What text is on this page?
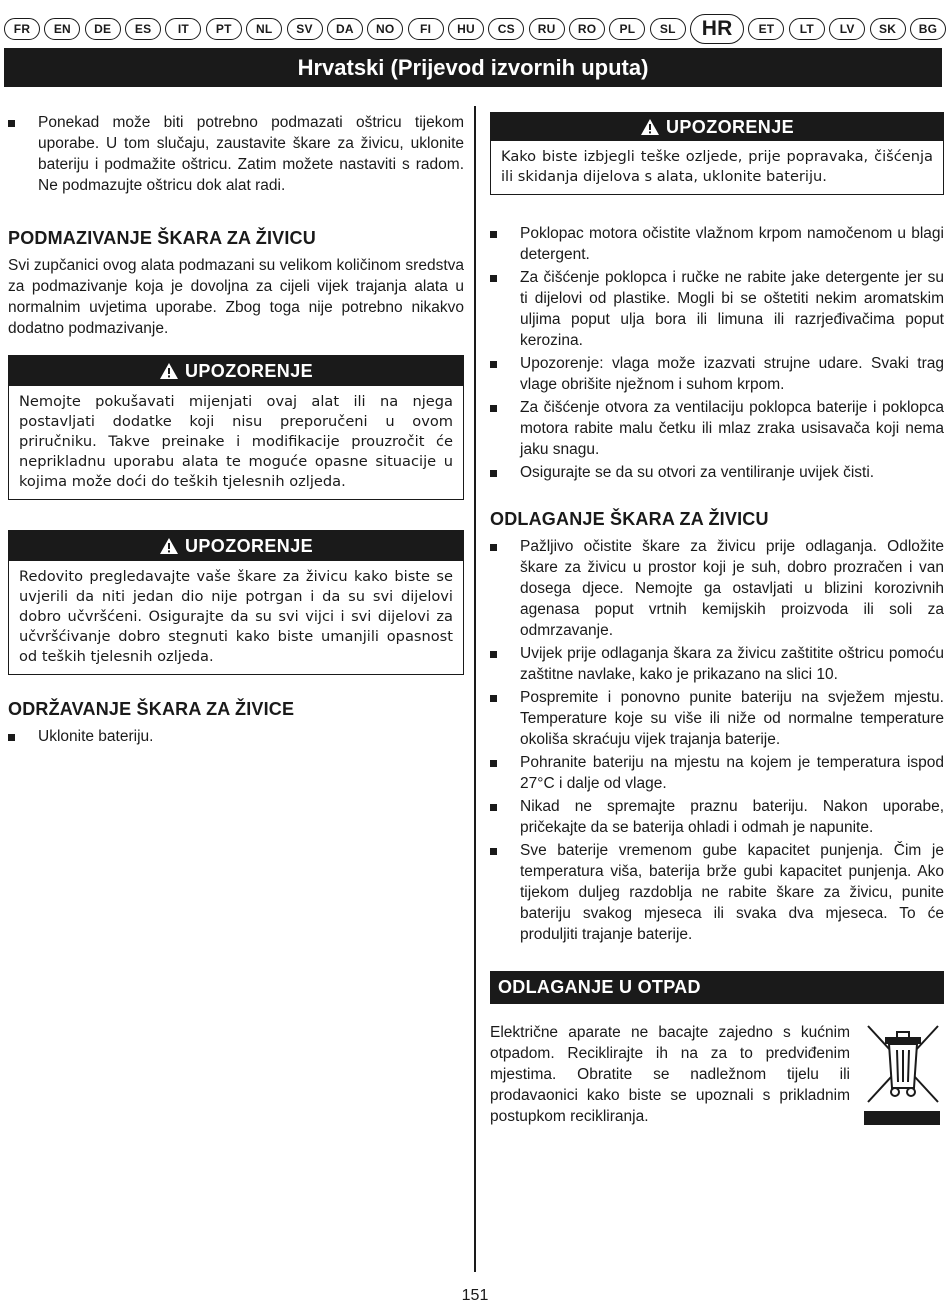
FR	EN	DE	ES	IT	PT	NL	SV	DA	NO	FI	HU	CS	RU	RO	PL	SL	HR	ET	LT	LV	SK	BG
Hrvatski (Prijevod izvornih uputa)
Ponekad može biti potrebno podmazati oštricu tijekom uporabe. U tom slučaju, zaustavite škare za živicu, uklonite bateriju i podmažite oštricu. Zatim možete nastaviti s radom. Ne podmazujte oštricu dok alat radi.
PODMAZIVANJE ŠKARA ZA ŽIVICU

Svi zupčanici ovog alata podmazani su velikom količinom sredstva za podmazivanje koja je dovoljna za cijeli vijek trajanja alata u normalnim uvjetima uporabe. Zbog toga nije potrebno nikakvo dodatno podmazivanje.

UPOZORENJE
Nemojte pokušavati mijenjati ovaj alat ili na njega postavljati dodatke koji nisu preporučeni u ovom priručniku. Takve preinake i modifikacije prouzročit će neprikladnu uporabu alata te moguće opasne situacije u kojima može doći do teških tjelesnih ozljeda.
UPOZORENJE
Redovito pregledavajte vaše škare za živicu kako biste se uvjerili da niti jedan dio nije potrgan i da su svi dijelovi dobro učvršćeni. Osigurajte da su svi vijci i svi dijelovi za učvršćivanje dobro stegnuti kako biste umanjili opasnost od teških tjelesnih ozljeda.
ODRŽAVANJE ŠKARA ZA ŽIVICE
Uklonite bateriju.
UPOZORENJE
Kako biste izbjegli teške ozljede, prije popravaka, čišćenja ili skidanja dijelova s alata, uklonite bateriju.
Poklopac motora očistite vlažnom krpom namočenom u blagi detergent.
Za čišćenje poklopca i ručke ne rabite jake detergente jer su ti dijelovi od plastike. Mogli bi se oštetiti nekim aromatskim uljima poput ulja bora ili limuna ili razrjeđivačima poput kerozina.
Upozorenje: vlaga može izazvati strujne udare. Svaki trag vlage obrišite nježnom i suhom krpom.
Za čišćenje otvora za ventilaciju poklopca baterije i poklopca motora rabite malu četku ili mlaz zraka usisavača koji nema jaku snagu.
Osigurajte se da su otvori za ventiliranje uvijek čisti.
ODLAGANJE ŠKARA ZA ŽIVICU
Pažljivo očistite škare za živicu prije odlaganja. Odložite škare za živicu u prostor koji je suh, dobro prozračen i van dosega djece. Nemojte ga ostavljati u blizini korozivnih agenasa poput vrtnih kemijskih proizvoda ili soli za odmrzavanje.
Uvijek prije odlaganja škara za živicu zaštitite oštricu pomoću zaštitne navlake, kako je prikazano na slici 10.
Pospremite i ponovno punite bateriju na svježem mjestu. Temperature koje su više ili niže od normalne temperature okoliša skraćuju vijek trajanja baterije.
Pohranite bateriju na mjestu na kojem je temperatura ispod 27°C i dalje od vlage.
Nikad ne spremajte praznu bateriju. Nakon uporabe, pričekajte da se baterija ohladi i odmah je napunite.
Sve baterije vremenom gube kapacitet punjenja. Čim je temperatura viša, baterija brže gubi kapacitet punjenja. Ako tijekom duljeg razdoblja ne rabite škare za živicu, punite bateriju svakog mjeseca ili svaka dva mjeseca. To će produljiti trajanje baterije.
ODLAGANJE U OTPAD

Električne aparate ne bacajte zajedno s kućnim otpadom. Reciklirajte ih na za to predviđenim mjestima. Obratite se nadležnom tijelu ili prodavaonici kako biste se upoznali s prikladnim postupkom recikliranja.

151
